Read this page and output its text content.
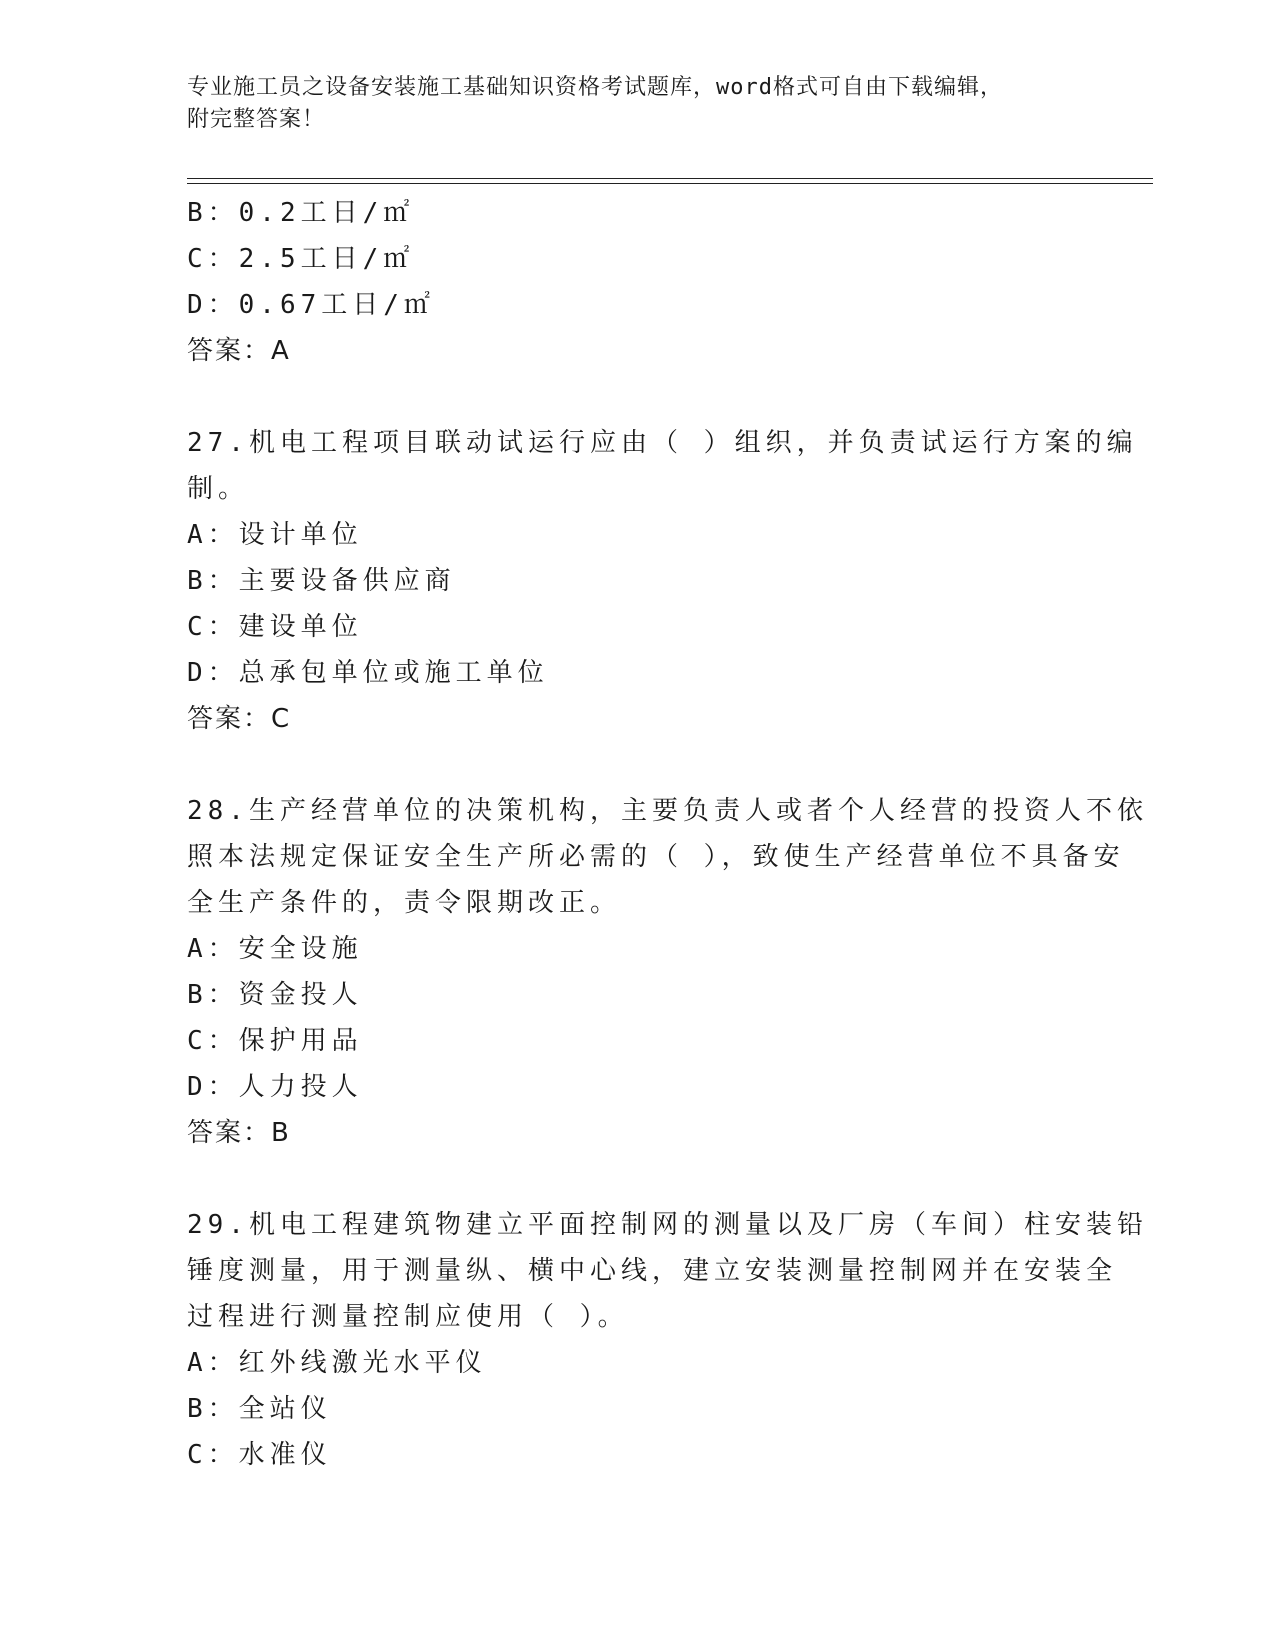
专业施工员之设备安装施工基础知识资格考试题库，word格式可自由下载编辑，
附完整答案！
B：0.2工日/㎡
C：2.5工日/㎡
D：0.67工日/㎡
答案：A
27.机电工程项目联动试运行应由（ ）组织，并负责试运行方案的编
制。
A：设计单位
B：主要设备供应商
C：建设单位
D：总承包单位或施工单位
答案：C
28.生产经营单位的决策机构，主要负责人或者个人经营的投资人不依
照本法规定保证安全生产所必需的（ ），致使生产经营单位不具备安
全生产条件的，责令限期改正。
A：安全设施
B：资金投人
C：保护用品
D：人力投人
答案：B
29.机电工程建筑物建立平面控制网的测量以及厂房（车间）柱安装铅
锤度测量，用于测量纵、横中心线，建立安装测量控制网并在安装全
过程进行测量控制应使用（ ）。
A：红外线激光水平仪
B：全站仪
C：水准仪
